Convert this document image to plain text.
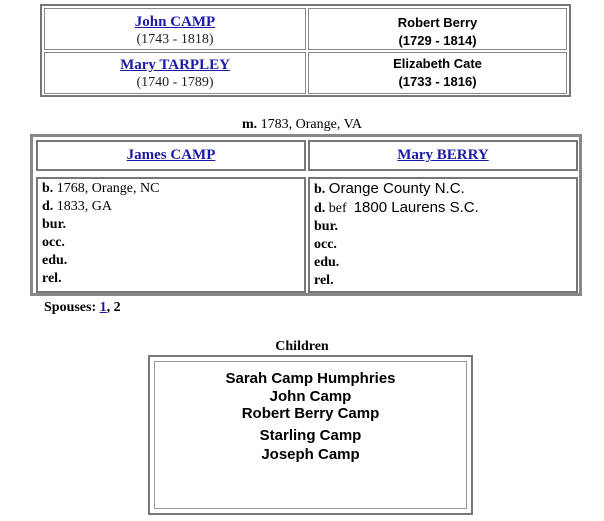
John CAMP
(1743 - 1818)
Mary TARPLEY
(1740 - 1789)
Robert Berry
(1729 - 1814)
Elizabeth Cate
(1733 - 1816)
m. 1783, Orange, VA
James CAMP	Mary BERRY
b. 1768, Orange, NC
d. 1833, GA
bur.
occ.
edu.
rel.
b. Orange County N.C.
d. bef 1800 Laurens S.C.
bur.
occ.
edu.
rel.
Spouses: 1, 2
Children
Sarah Camp Humphries
John Camp
Robert Berry Camp
Starling Camp
Joseph Camp
